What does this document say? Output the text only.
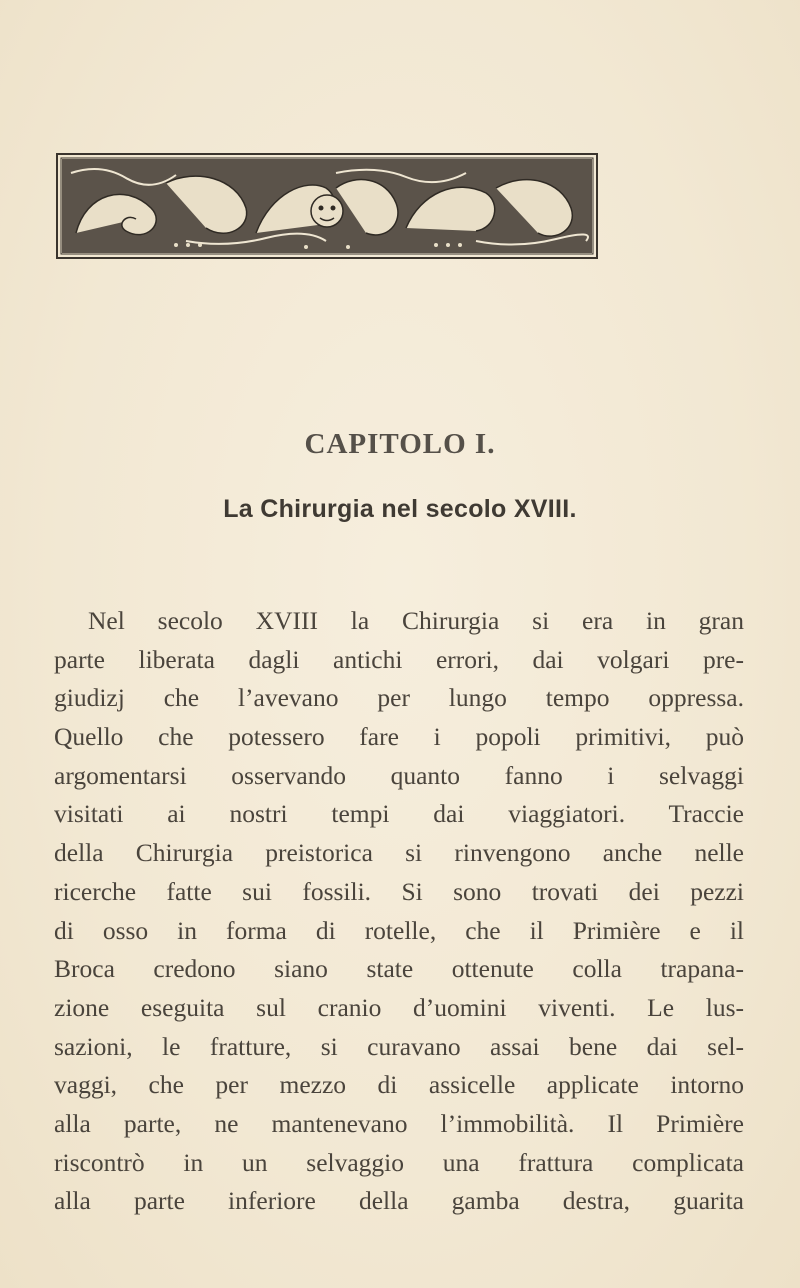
CAPITOLO I.
La Chirurgia nel secolo XVIII.
Nel secolo XVIII la Chirurgia si era in gran
parte liberata dagli antichi errori, dai volgari pre-
giudizj che l’avevano per lungo tempo oppressa.
Quello che potessero fare i popoli primitivi, può
argomentarsi osservando quanto fanno i selvaggi
visitati ai nostri tempi dai viaggiatori. Traccie
della Chirurgia preistorica si rinvengono anche nelle
ricerche fatte sui fossili. Si sono trovati dei pezzi
di osso in forma di rotelle, che il Primière e il
Broca credono siano state ottenute colla trapana-
zione eseguita sul cranio d’uomini viventi. Le lus-
sazioni, le fratture, si curavano assai bene dai sel-
vaggi, che per mezzo di assicelle applicate intorno
alla parte, ne mantenevano l’immobilità. Il Primière
riscontrò in un selvaggio una frattura complicata
alla parte inferiore della gamba destra, guarita
